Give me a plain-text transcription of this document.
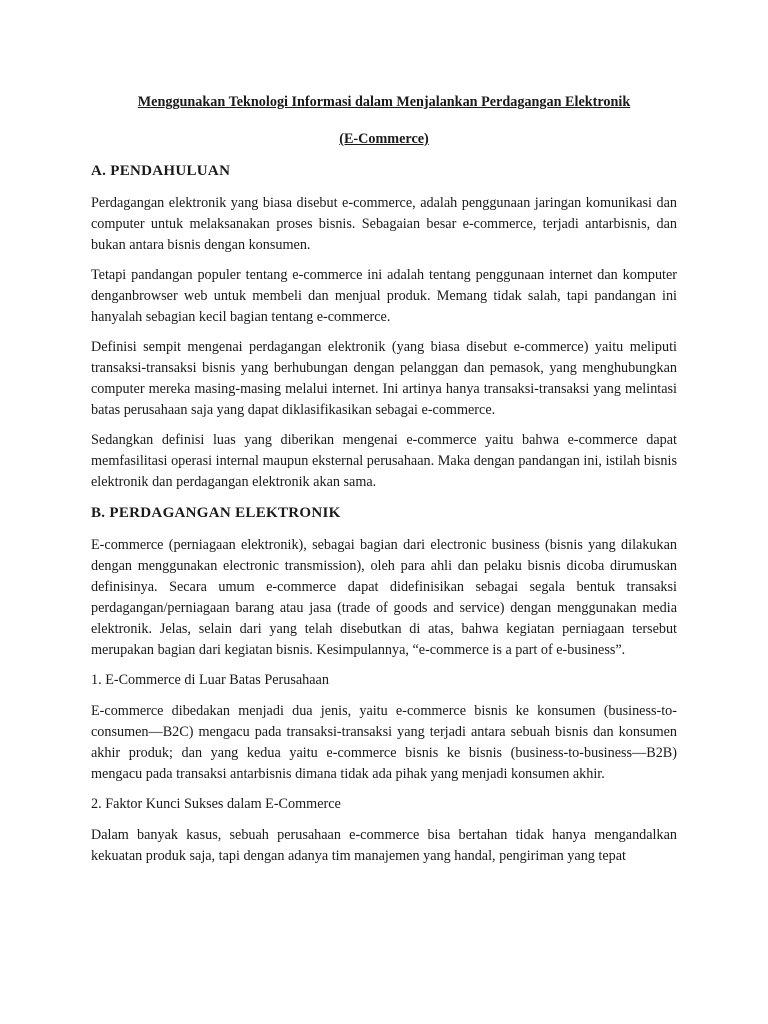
Menggunakan Teknologi Informasi dalam Menjalankan Perdagangan Elektronik
(E-Commerce)
A. PENDAHULUAN

Perdagangan elektronik yang biasa disebut e-commerce, adalah penggunaan jaringan komunikasi dan computer untuk melaksanakan proses bisnis. Sebagaian besar e-commerce, terjadi antarbisnis, dan bukan antara bisnis dengan konsumen.

Tetapi pandangan populer tentang e-commerce ini adalah tentang penggunaan internet dan komputer denganbrowser web untuk membeli dan menjual produk. Memang tidak salah, tapi pandangan ini hanyalah sebagian kecil bagian tentang e-commerce.

Definisi sempit mengenai perdagangan elektronik (yang biasa disebut e-commerce) yaitu meliputi transaksi-transaksi bisnis yang berhubungan dengan pelanggan dan pemasok, yang menghubungkan computer mereka masing-masing melalui internet. Ini artinya hanya transaksi-transaksi yang melintasi batas perusahaan saja yang dapat diklasifikasikan sebagai e-commerce.

Sedangkan definisi luas yang diberikan mengenai e-commerce yaitu bahwa e-commerce dapat memfasilitasi operasi internal maupun eksternal perusahaan. Maka dengan pandangan ini, istilah bisnis elektronik dan perdagangan elektronik akan sama.

B. PERDAGANGAN ELEKTRONIK

E-commerce (perniagaan elektronik), sebagai bagian dari electronic business (bisnis yang dilakukan dengan menggunakan electronic transmission), oleh para ahli dan pelaku bisnis dicoba dirumuskan definisinya. Secara umum e-commerce dapat didefinisikan sebagai segala bentuk transaksi perdagangan/perniagaan barang atau jasa (trade of goods and service) dengan menggunakan media elektronik. Jelas, selain dari yang telah disebutkan di atas, bahwa kegiatan perniagaan tersebut merupakan bagian dari kegiatan bisnis. Kesimpulannya, “e-commerce is a part of e-business”.

1. E-Commerce di Luar Batas Perusahaan

E-commerce dibedakan menjadi dua jenis, yaitu e-commerce bisnis ke konsumen (business-to-consumen—B2C) mengacu pada transaksi-transaksi yang terjadi antara sebuah bisnis dan konsumen akhir produk; dan yang kedua yaitu e-commerce bisnis ke bisnis (business-to-business—B2B) mengacu pada transaksi antarbisnis dimana tidak ada pihak yang menjadi konsumen akhir.

2. Faktor Kunci Sukses dalam E-Commerce

Dalam banyak kasus, sebuah perusahaan e-commerce bisa bertahan tidak hanya mengandalkan kekuatan produk saja, tapi dengan adanya tim manajemen yang handal, pengiriman yang tepat
